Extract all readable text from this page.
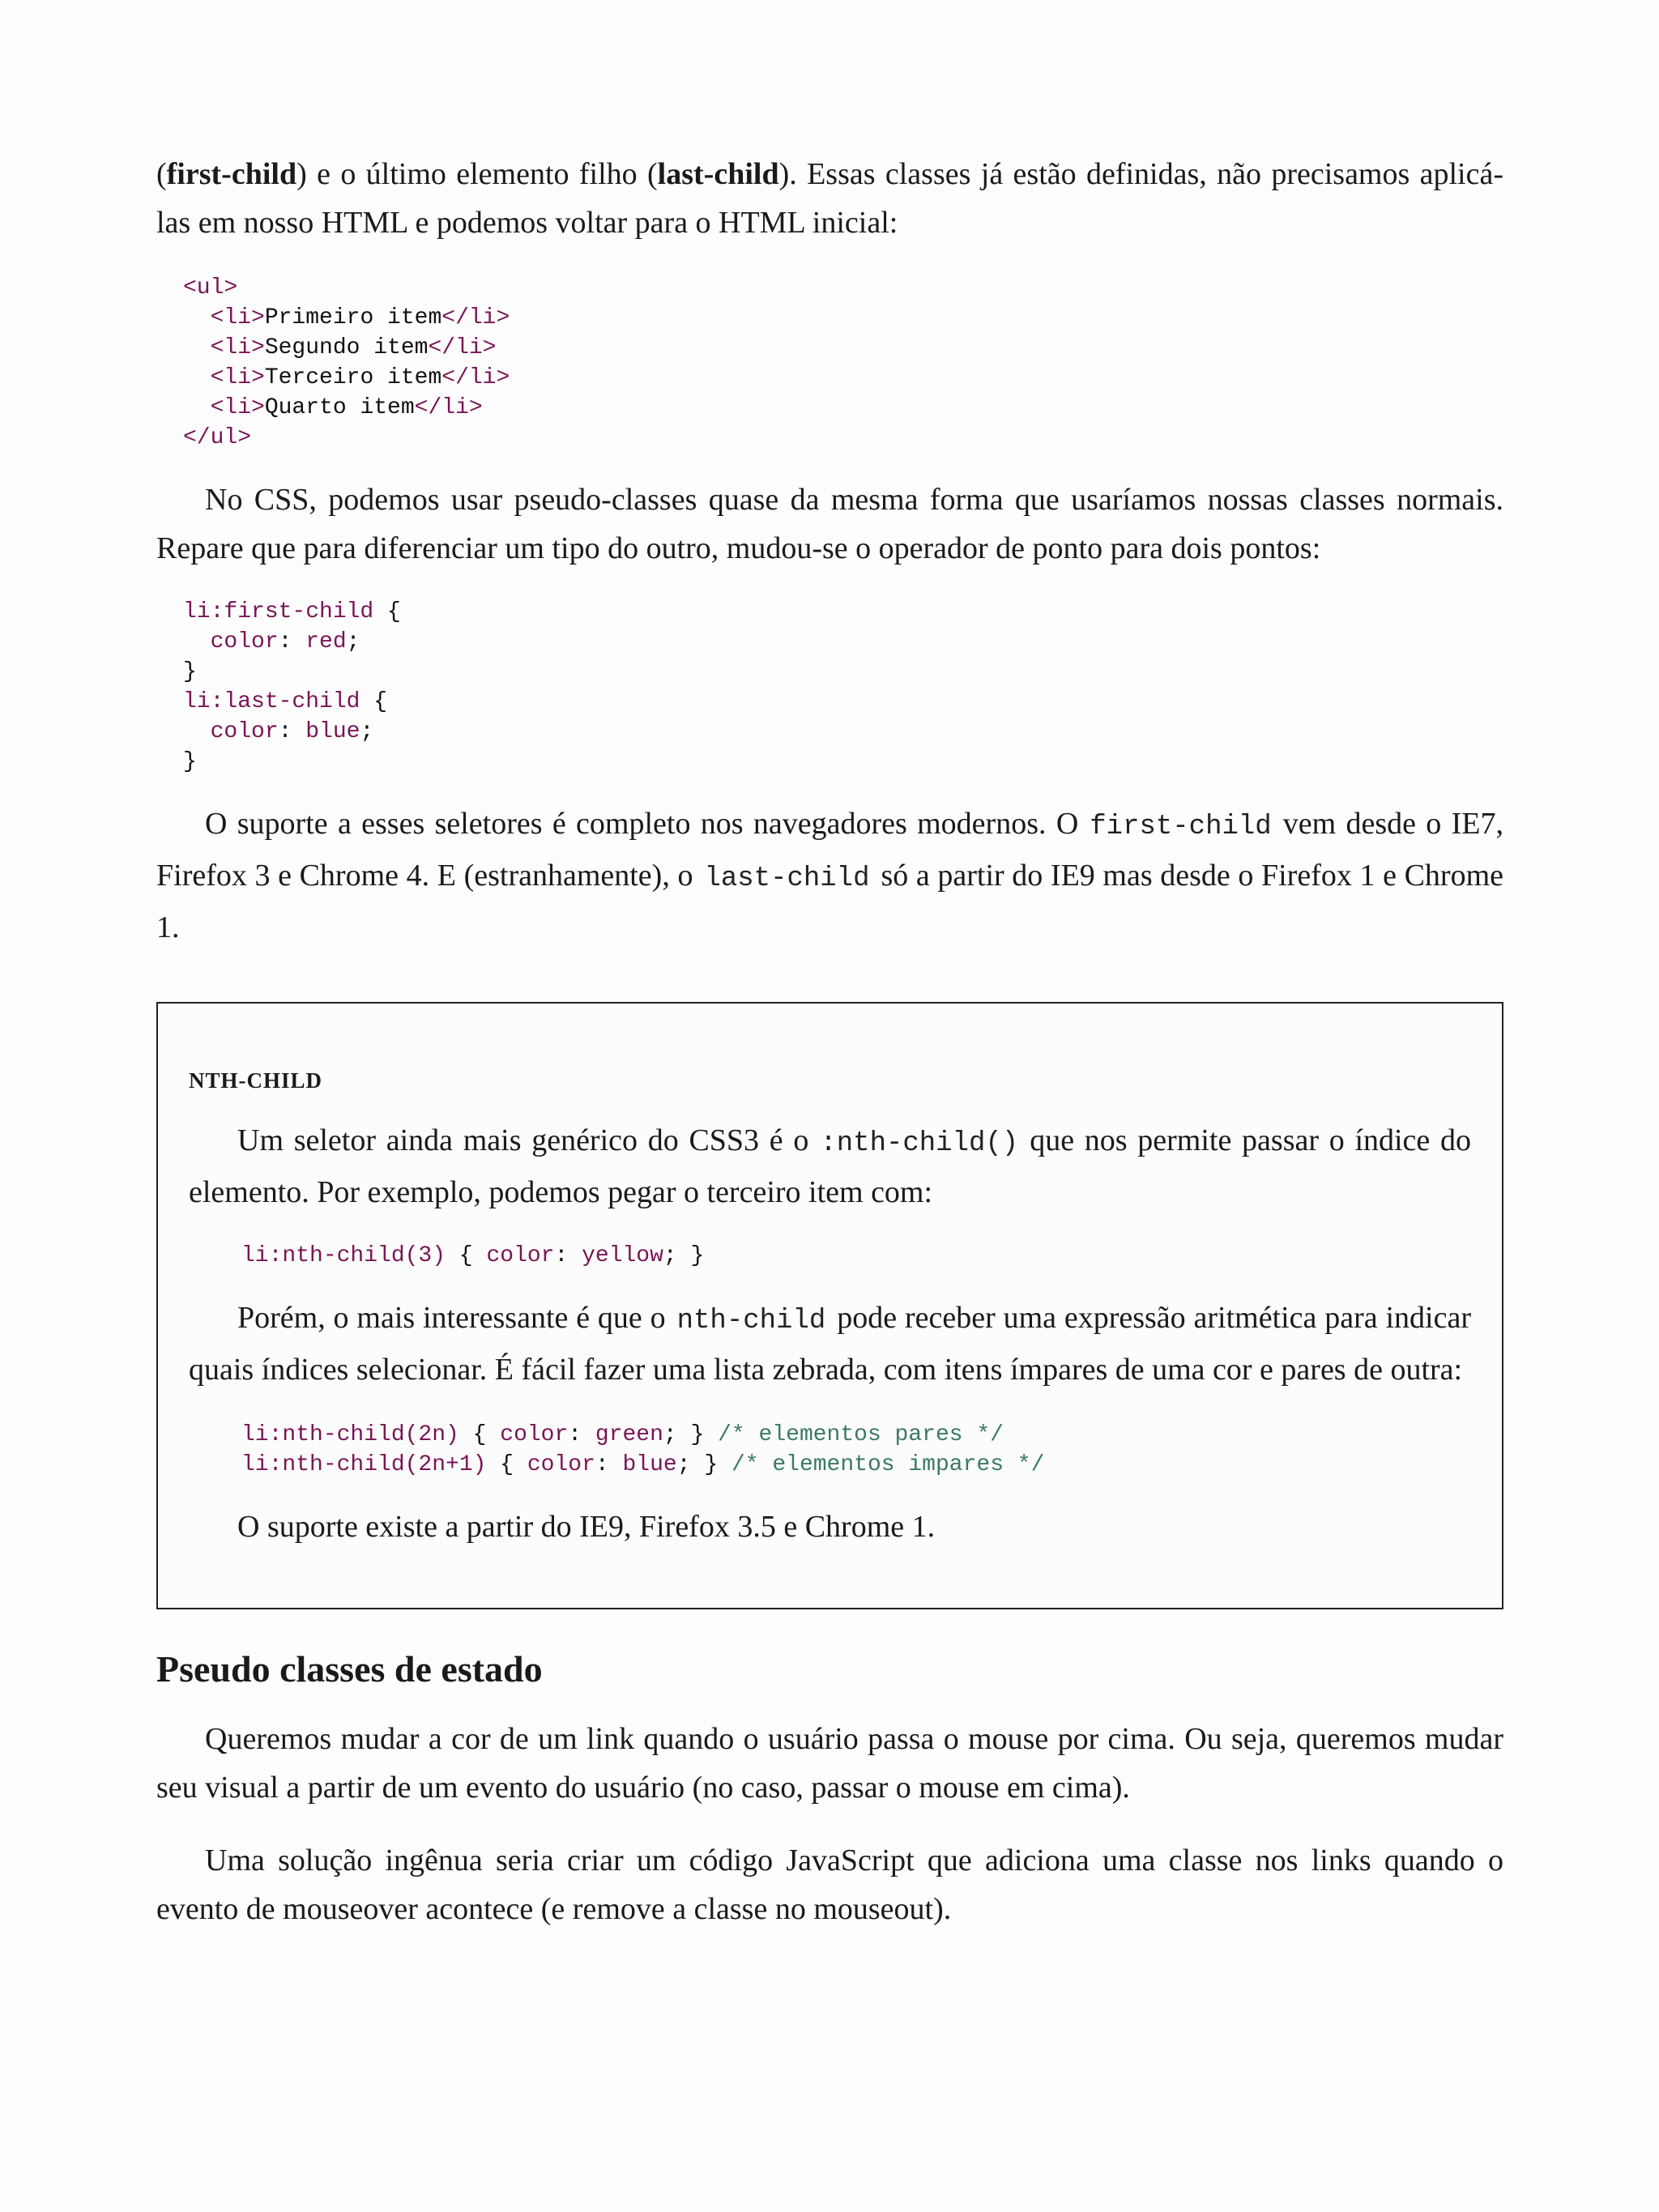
(first-child) e o último elemento filho (last-child). Essas classes já estão definidas, não precisamos aplicá-las em nosso HTML e podemos voltar para o HTML inicial:

<ul>
<li>Primeiro item</li>
<li>Segundo item</li>
<li>Terceiro item</li>
<li>Quarto item</li>
</ul>

No CSS, podemos usar pseudo-classes quase da mesma forma que usaríamos nossas classes normais. Repare que para diferenciar um tipo do outro, mudou-se o operador de ponto para dois pontos:

li:first-child {
color: red;
}
li:last-child {
color: blue;
}

O suporte a esses seletores é completo nos navegadores modernos. O first-child vem desde o IE7, Firefox 3 e Chrome 4. E (estranhamente), o last-child só a partir do IE9 mas desde o Firefox 1 e Chrome 1.

NTH-CHILD

Um seletor ainda mais genérico do CSS3 é o :nth-child() que nos permite passar o índice do elemento. Por exemplo, podemos pegar o terceiro item com:

li:nth-child(3) { color: yellow; }

Porém, o mais interessante é que o nth-child pode receber uma expressão aritmética para indicar quais índices selecionar. É fácil fazer uma lista zebrada, com itens ímpares de uma cor e pares de outra:

li:nth-child(2n) { color: green; } /* elementos pares */
li:nth-child(2n+1) { color: blue; } /* elementos impares */

O suporte existe a partir do IE9, Firefox 3.5 e Chrome 1.

Pseudo classes de estado

Queremos mudar a cor de um link quando o usuário passa o mouse por cima. Ou seja, queremos mudar seu visual a partir de um evento do usuário (no caso, passar o mouse em cima).

Uma solução ingênua seria criar um código JavaScript que adiciona uma classe nos links quando o evento de mouseover acontece (e remove a classe no mouseout).
